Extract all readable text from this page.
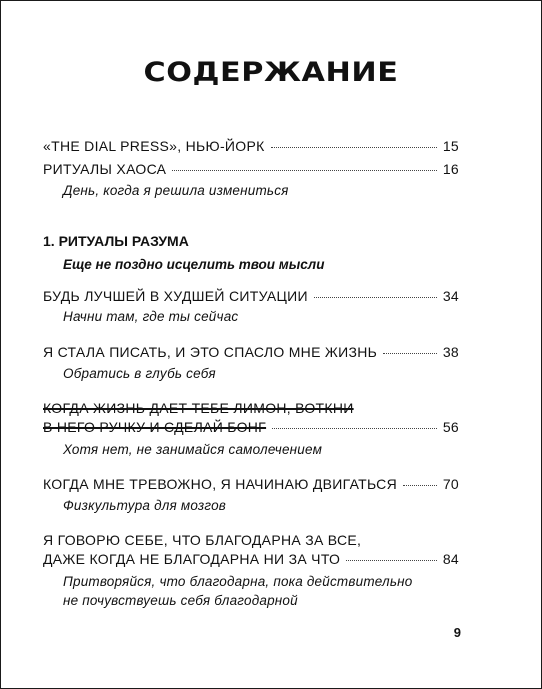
СОДЕРЖАНИЕ
«THE DIAL PRESS», НЬЮ-ЙОРК	15
РИТУАЛЫ ХАОСА	16
День, когда я решила измениться
1. РИТУАЛЫ РАЗУМА
Еще не поздно исцелить твои мысли
БУДЬ ЛУЧШЕЙ В ХУДШЕЙ СИТУАЦИИ	34
Начни там, где ты сейчас
Я СТАЛА ПИСАТЬ, И ЭТО СПАСЛО МНЕ ЖИЗНЬ	38
Обратись в глубь себя
КОГДА ЖИЗНЬ ДАЕТ ТЕБЕ ЛИМОН, ВОТКНИ
В НЕГО РУЧКУ И СДЕЛАЙ БОНГ	56
Хотя нет, не занимайся самолечением
КОГДА МНЕ ТРЕВОЖНО, Я НАЧИНАЮ ДВИГАТЬСЯ	70
Физкультура для мозгов
Я ГОВОРЮ СЕБЕ, ЧТО БЛАГОДАРНА ЗА ВСЕ,
ДАЖЕ КОГДА НЕ БЛАГОДАРНА НИ ЗА ЧТО	84
Притворяйся, что благодарна, пока действительно
не почувствуешь себя благодарной
9
